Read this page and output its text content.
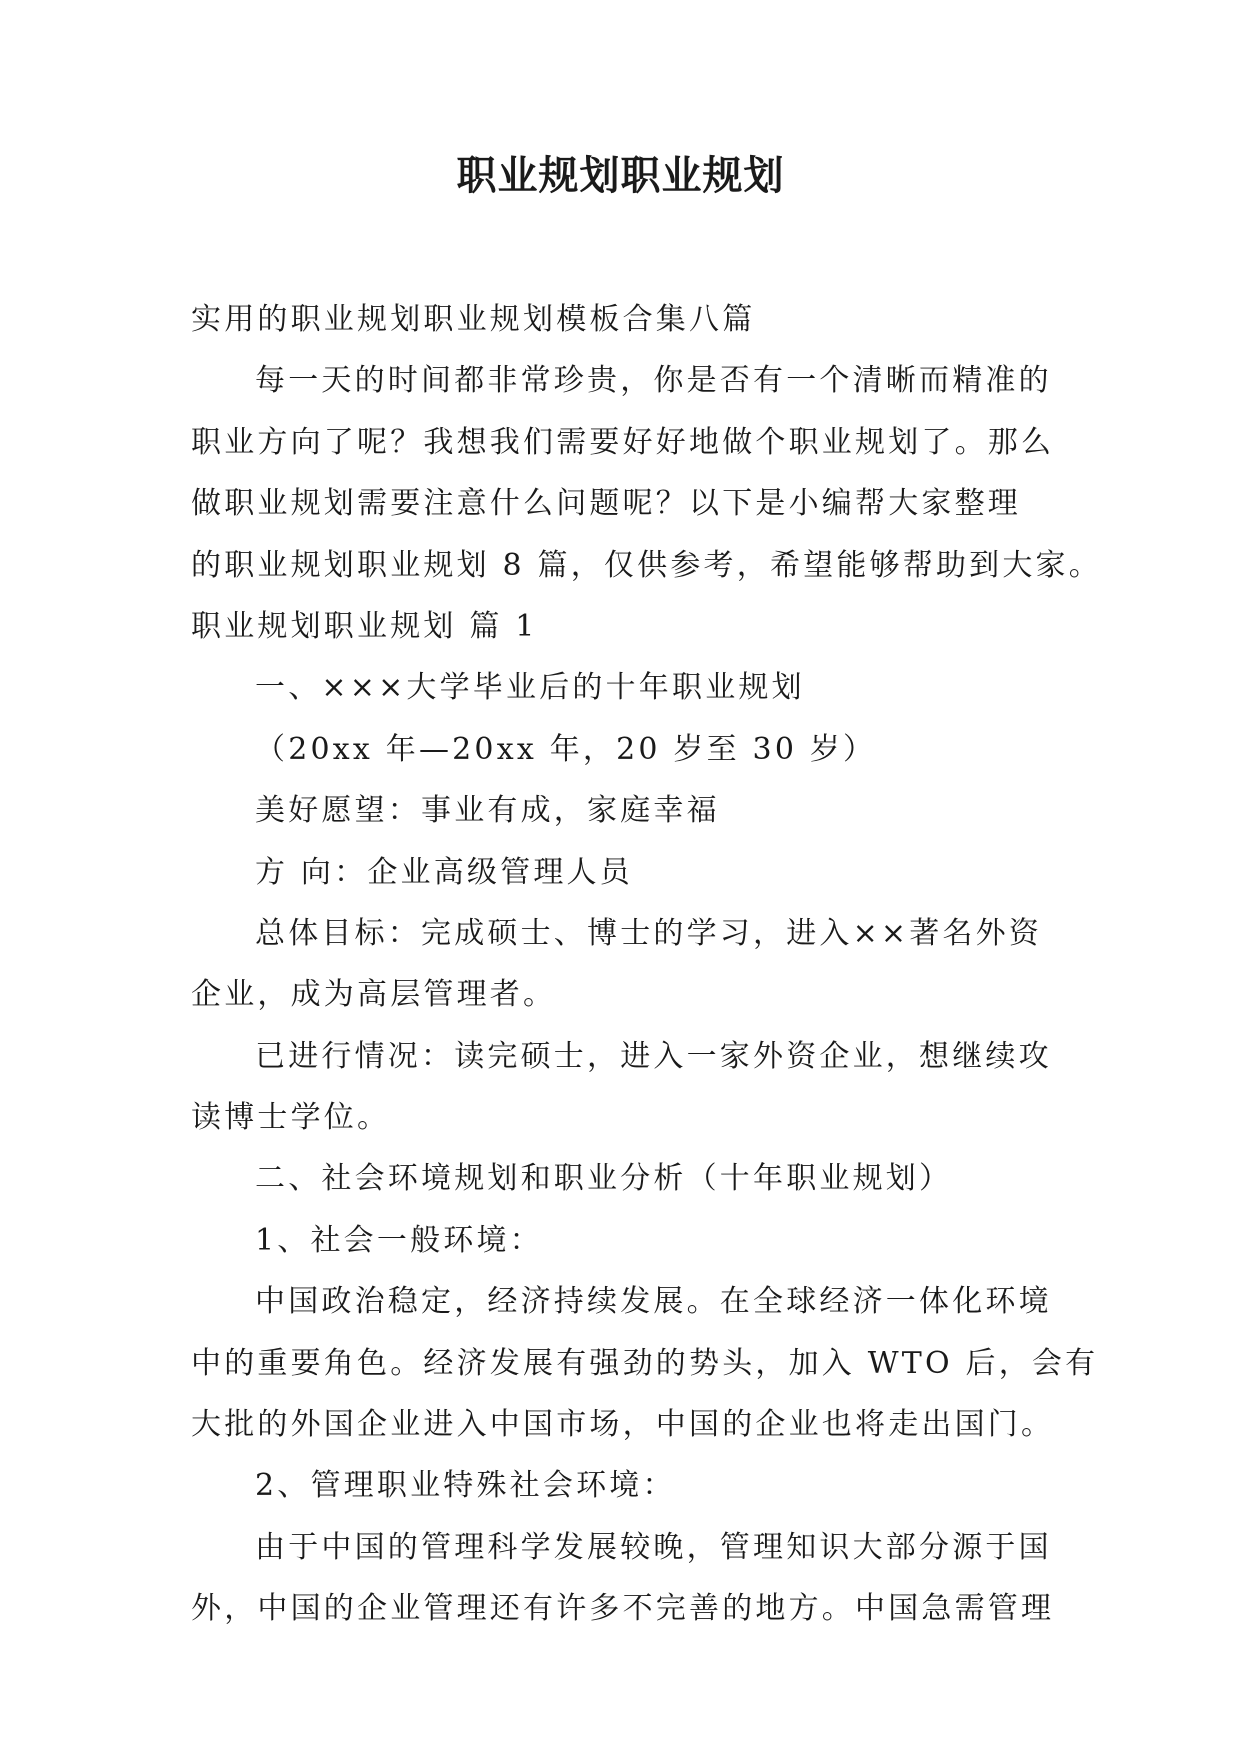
职业规划职业规划

实用的职业规划职业规划模板合集八篇

每一天的时间都非常珍贵，你是否有一个清晰而精准的

职业方向了呢？我想我们需要好好地做个职业规划了。那么

做职业规划需要注意什么问题呢？以下是小编帮大家整理

的职业规划职业规划 8 篇，仅供参考，希望能够帮助到大家。

职业规划职业规划 篇 1

一、×××大学毕业后的十年职业规划

（20xx 年—20xx 年，20 岁至 30 岁）

美好愿望：事业有成，家庭幸福

方 向：企业高级管理人员

总体目标：完成硕士、博士的学习，进入××著名外资

企业，成为高层管理者。

已进行情况：读完硕士，进入一家外资企业，想继续攻

读博士学位。

二、社会环境规划和职业分析（十年职业规划）

1、社会一般环境：

中国政治稳定，经济持续发展。在全球经济一体化环境

中的重要角色。经济发展有强劲的势头，加入 WTO 后，会有

大批的外国企业进入中国市场，中国的企业也将走出国门。

2、管理职业特殊社会环境：

由于中国的管理科学发展较晚，管理知识大部分源于国

外，中国的企业管理还有许多不完善的地方。中国急需管理
